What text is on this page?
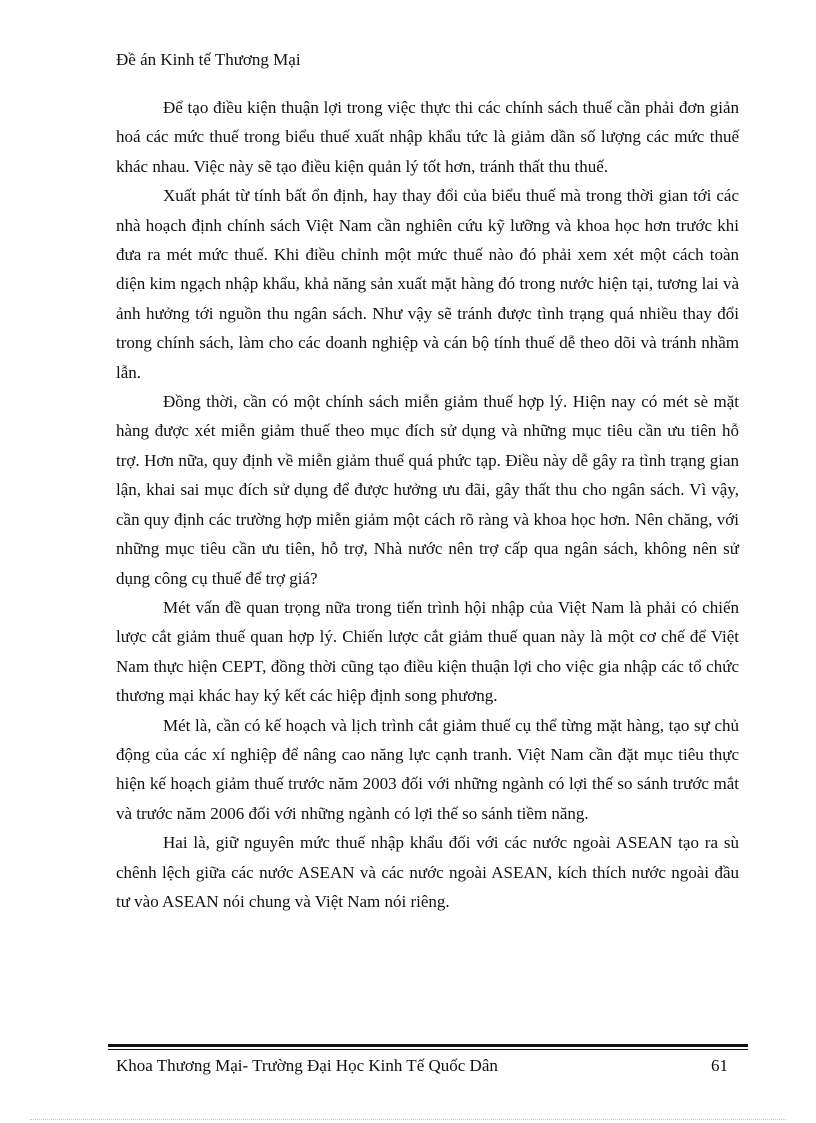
Đề án Kinh tế Thương Mại

Để tạo điều kiện thuận lợi trong việc thực thi các chính sách thuế cần phải đơn giản hoá các mức thuế trong biểu thuế xuất nhập khẩu tức là giảm dần số lượng các mức thuế khác nhau. Việc này sẽ tạo điều kiện quản lý tốt hơn, tránh thất thu thuế.

Xuất phát từ tính bất ổn định, hay thay đổi của biểu thuế mà trong thời gian tới các nhà hoạch định chính sách Việt Nam cần nghiên cứu kỹ lưỡng và khoa học hơn trước khi đưa ra mét mức thuế. Khi điều chỉnh một mức thuế nào đó phải xem xét một cách toàn diện kim ngạch nhập khẩu, khả năng sản xuất mặt hàng đó trong nước hiện tại, tương lai và ảnh hưởng tới nguồn thu ngân sách. Như vậy sẽ tránh được tình trạng quá nhiều thay đổi trong chính sách, làm cho các doanh nghiệp và cán bộ tính thuế dễ theo dõi và tránh nhầm lẫn.

Đồng thời, cần có một chính sách miễn giảm thuế hợp lý. Hiện nay có mét sè mặt hàng được xét miễn giảm thuế theo mục đích sử dụng và những mục tiêu cần ưu tiên hỗ trợ. Hơn nữa, quy định về miễn giảm thuế quá phức tạp. Điều này dễ gây ra tình trạng gian lận, khai sai mục đích sử dụng để được hưởng ưu đãi, gây thất thu cho ngân sách. Vì vậy, cần quy định các trường hợp miễn giảm một cách rõ ràng và khoa học hơn. Nên chăng, với những mục tiêu cần ưu tiên, hỗ trợ, Nhà nước nên trợ cấp qua ngân sách, không nên sử dụng công cụ thuế để trợ giá?

Mét vấn đề quan trọng nữa trong tiến trình hội nhập của Việt Nam là phải có chiến lược cắt giảm thuế quan hợp lý. Chiến lược cắt giảm thuế quan này là một cơ chế để Việt Nam thực hiện CEPT, đồng thời cũng tạo điều kiện thuận lợi cho việc gia nhập các tổ chức thương mại khác hay ký kết các hiệp định song phương.

Mét là, cần có kế hoạch và lịch trình cắt giảm thuế cụ thể từng mặt hàng, tạo sự chủ động của các xí nghiệp để nâng cao năng lực cạnh tranh. Việt Nam cần đặt mục tiêu thực hiện kế hoạch giảm thuế trước năm 2003 đối với những ngành có lợi thế so sánh trước mắt và trước năm 2006 đối với những ngành có lợi thế so sánh tiềm năng.

Hai là, giữ nguyên mức thuế nhập khẩu đối với các nước ngoài ASEAN tạo ra sù chênh lệch giữa các nước ASEAN và các nước ngoài ASEAN, kích thích nước ngoài đầu tư vào ASEAN nói chung và Việt Nam nói riêng.

Khoa Thương Mại- Trường Đại Học Kinh Tế Quốc Dân	61
